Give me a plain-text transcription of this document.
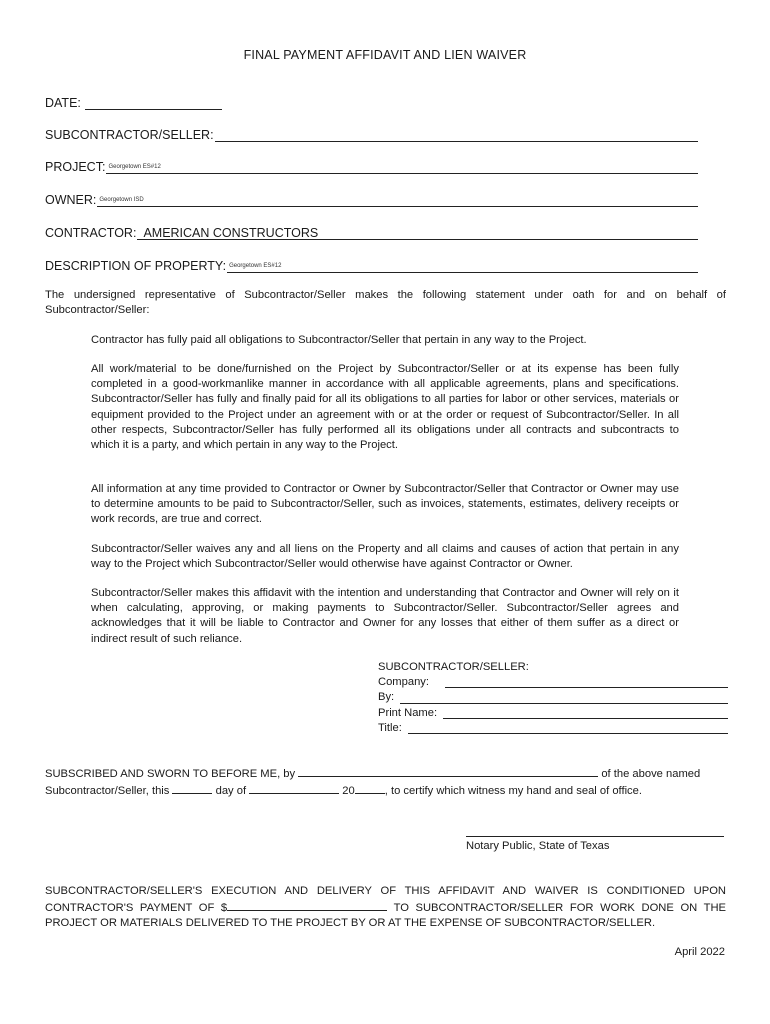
FINAL PAYMENT AFFIDAVIT AND LIEN WAIVER
DATE:
SUBCONTRACTOR/SELLER:
PROJECT: Georgetown ES#12
OWNER: Georgetown ISD
CONTRACTOR: AMERICAN CONSTRUCTORS
DESCRIPTION OF PROPERTY: Georgetown ES#12
The undersigned representative of Subcontractor/Seller makes the following statement under oath for and on behalf of Subcontractor/Seller:
Contractor has fully paid all obligations to Subcontractor/Seller that pertain in any way to the Project.
All work/material to be done/furnished on the Project by Subcontractor/Seller or at its expense has been fully completed in a good-workmanlike manner in accordance with all applicable agreements, plans and specifications. Subcontractor/Seller has fully and finally paid for all its obligations to all parties for labor or other services, materials or equipment provided to the Project under an agreement with or at the order or request of Subcontractor/Seller. In all other respects, Subcontractor/Seller has fully performed all its obligations under all contracts and subcontracts to which it is a party, and which pertain in any way to the Project.
All information at any time provided to Contractor or Owner by Subcontractor/Seller that Contractor or Owner may use to determine amounts to be paid to Subcontractor/Seller, such as invoices, statements, estimates, delivery receipts or work records, are true and correct.
Subcontractor/Seller waives any and all liens on the Property and all claims and causes of action that pertain in any way to the Project which Subcontractor/Seller would otherwise have against Contractor or Owner.
Subcontractor/Seller makes this affidavit with the intention and understanding that Contractor and Owner will rely on it when calculating, approving, or making payments to Subcontractor/Seller. Subcontractor/Seller agrees and acknowledges that it will be liable to Contractor and Owner for any losses that either of them suffer as a direct or indirect result of such reliance.
SUBCONTRACTOR/SELLER:
Company:
By:
Print Name:
Title:
SUBSCRIBED AND SWORN TO BEFORE ME, by	of the above named
Subcontractor/Seller, this	day of	20	, to certify which witness my hand and seal of office.
Notary Public, State of Texas
SUBCONTRACTOR/SELLER'S EXECUTION AND DELIVERY OF THIS AFFIDAVIT AND WAIVER IS CONDITIONED UPON CONTRACTOR'S PAYMENT OF $	TO SUBCONTRACTOR/SELLER FOR WORK DONE ON THE PROJECT OR MATERIALS DELIVERED TO THE PROJECT BY OR AT THE EXPENSE OF SUBCONTRACTOR/SELLER.
April 2022
